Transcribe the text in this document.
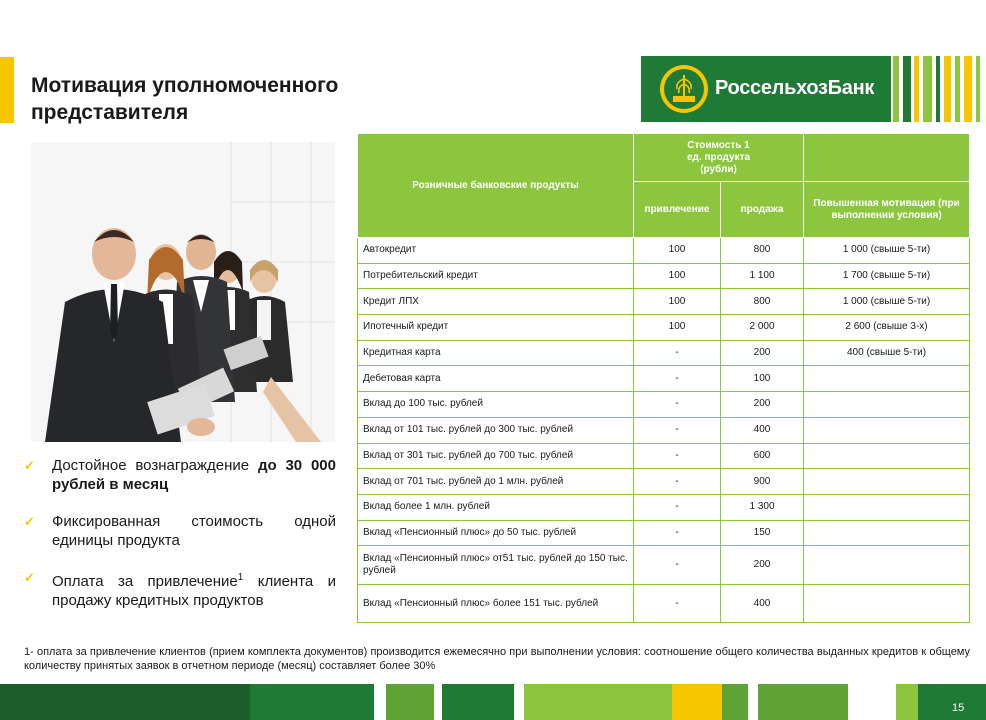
Мотивация уполномоченного представителя
РоссельхозБанк
✓ Достойное вознаграждение до 30 000 рублей в месяц
✓ Фиксированная стоимость одной единицы продукта
✓ Оплата за привлечение$^1$ клиента и продажу кредитных продуктов
Розничные банковские продукты	Стоимость 1 ед. продукта (рубли)		
	привлечение	продажа	Повышенная мотивация (при выполнении условия)
Автокредит	100	800	1 000 (свыше 5-ти)
Потребительский кредит	100	1 100	1 700 (свыше 5-ти)
Кредит ЛПХ	100	800	1 000 (свыше 5-ти)
Ипотечный кредит	100	2 000	2 600 (свыше 3-х)
Кредитная карта	-	200	400 (свыше 5-ти)
Дебетовая карта	-	100	
Вклад до 100 тыс. рублей	-	200	
Вклад от 101 тыс. рублей до 300 тыс. рублей	-	400	
Вклад от 301 тыс. рублей до 700 тыс. рублей	-	600	
Вклад от 701 тыс. рублей до 1 млн. рублей	-	900	
Вклад более 1 млн. рублей	-	1 300	
Вклад «Пенсионный плюс» до 50 тыс. рублей	-	150	
Вклад «Пенсионный плюс» от51 тыс. рублей до 150 тыс. рублей	-	200	
Вклад «Пенсионный плюс» более 151 тыс. рублей	-	400	
1- оплата за привлечение клиентов (прием комплекта документов) производится ежемесячно при выполнении условия: соотношение общего количества выданных кредитов к общему количеству принятых заявок в отчетном периоде (месяц) составляет более 30%
15
